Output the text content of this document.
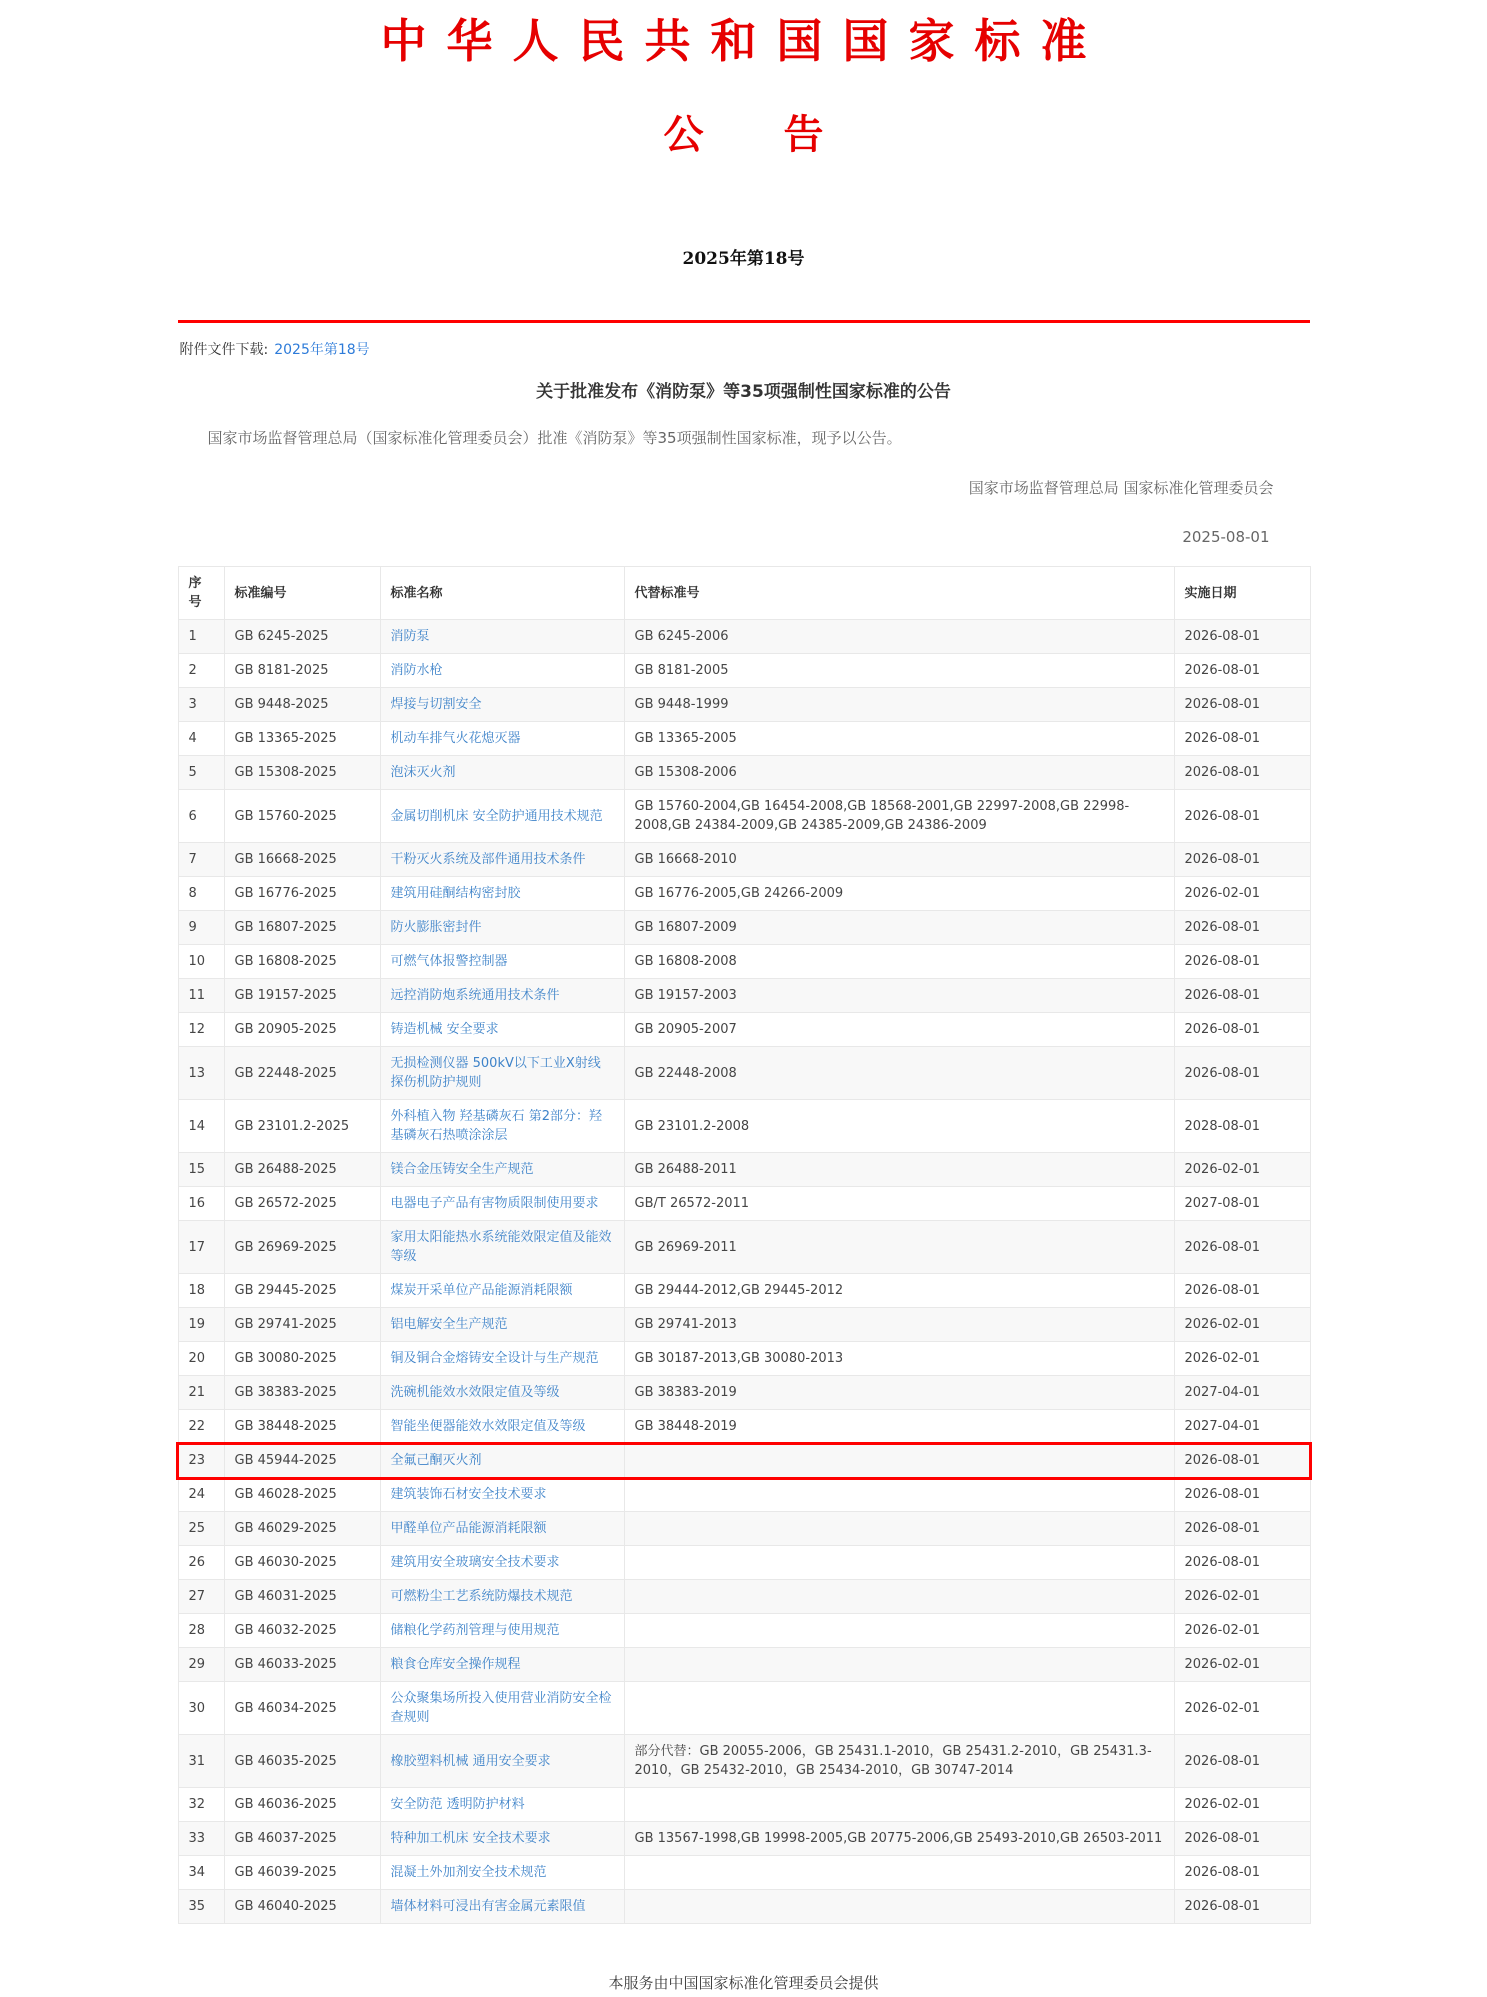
中华人民共和国国家标准
公　　告
2025年第18号
附件文件下载: 2025年第18号
关于批准发布《消防泵》等35项强制性国家标准的公告
国家市场监督管理总局（国家标准化管理委员会）批准《消防泵》等35项强制性国家标准，现予以公告。
国家市场监督管理总局 国家标准化管理委员会
2025-08-01
序号	标准编号	标准名称	代替标准号	实施日期
1	GB 6245-2025	消防泵	GB 6245-2006	2026-08-01
2	GB 8181-2025	消防水枪	GB 8181-2005	2026-08-01
3	GB 9448-2025	焊接与切割安全	GB 9448-1999	2026-08-01
4	GB 13365-2025	机动车排气火花熄灭器	GB 13365-2005	2026-08-01
5	GB 15308-2025	泡沫灭火剂	GB 15308-2006	2026-08-01
6	GB 15760-2025	金属切削机床 安全防护通用技术规范	GB 15760-2004,GB 16454-2008,GB 18568-2001,GB 22997-2008,GB 22998-2008,GB 24384-2009,GB 24385-2009,GB 24386-2009	2026-08-01
7	GB 16668-2025	干粉灭火系统及部件通用技术条件	GB 16668-2010	2026-08-01
8	GB 16776-2025	建筑用硅酮结构密封胶	GB 16776-2005,GB 24266-2009	2026-02-01
9	GB 16807-2025	防火膨胀密封件	GB 16807-2009	2026-08-01
10	GB 16808-2025	可燃气体报警控制器	GB 16808-2008	2026-08-01
11	GB 19157-2025	远控消防炮系统通用技术条件	GB 19157-2003	2026-08-01
12	GB 20905-2025	铸造机械 安全要求	GB 20905-2007	2026-08-01
13	GB 22448-2025	无损检测仪器 500kV以下工业X射线探伤机防护规则	GB 22448-2008	2026-08-01
14	GB 23101.2-2025	外科植入物 羟基磷灰石 第2部分：羟基磷灰石热喷涂涂层	GB 23101.2-2008	2028-08-01
15	GB 26488-2025	镁合金压铸安全生产规范	GB 26488-2011	2026-02-01
16	GB 26572-2025	电器电子产品有害物质限制使用要求	GB/T 26572-2011	2027-08-01
17	GB 26969-2025	家用太阳能热水系统能效限定值及能效等级	GB 26969-2011	2026-08-01
18	GB 29445-2025	煤炭开采单位产品能源消耗限额	GB 29444-2012,GB 29445-2012	2026-08-01
19	GB 29741-2025	铝电解安全生产规范	GB 29741-2013	2026-02-01
20	GB 30080-2025	铜及铜合金熔铸安全设计与生产规范	GB 30187-2013,GB 30080-2013	2026-02-01
21	GB 38383-2025	洗碗机能效水效限定值及等级	GB 38383-2019	2027-04-01
22	GB 38448-2025	智能坐便器能效水效限定值及等级	GB 38448-2019	2027-04-01
23	GB 45944-2025	全氟己酮灭火剂		2026-08-01
24	GB 46028-2025	建筑装饰石材安全技术要求		2026-08-01
25	GB 46029-2025	甲醛单位产品能源消耗限额		2026-08-01
26	GB 46030-2025	建筑用安全玻璃安全技术要求		2026-08-01
27	GB 46031-2025	可燃粉尘工艺系统防爆技术规范		2026-02-01
28	GB 46032-2025	储粮化学药剂管理与使用规范		2026-02-01
29	GB 46033-2025	粮食仓库安全操作规程		2026-02-01
30	GB 46034-2025	公众聚集场所投入使用营业消防安全检查规则		2026-02-01
31	GB 46035-2025	橡胶塑料机械 通用安全要求	部分代替：GB 20055-2006，GB 25431.1-2010，GB 25431.2-2010，GB 25431.3-2010，GB 25432-2010，GB 25434-2010，GB 30747-2014	2026-08-01
32	GB 46036-2025	安全防范 透明防护材料		2026-02-01
33	GB 46037-2025	特种加工机床 安全技术要求	GB 13567-1998,GB 19998-2005,GB 20775-2006,GB 25493-2010,GB 26503-2011	2026-08-01
34	GB 46039-2025	混凝土外加剂安全技术规范		2026-08-01
35	GB 46040-2025	墙体材料可浸出有害金属元素限值		2026-08-01
本服务由中国国家标准化管理委员会提供
